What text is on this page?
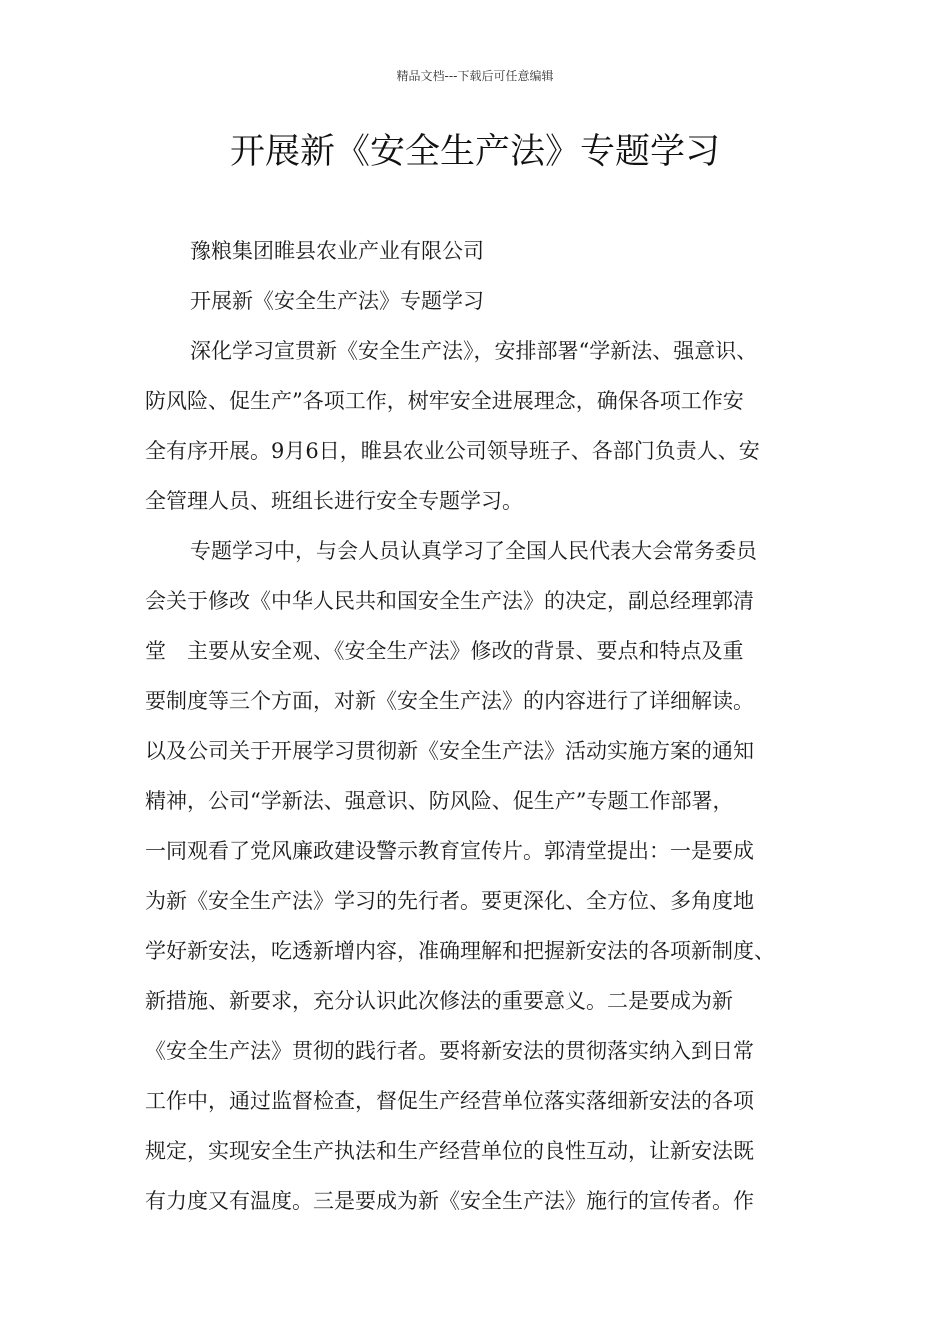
精品文档---下载后可任意编辑
开展新《安全生产法》专题学习
豫粮集团睢县农业产业有限公司
开展新《安全生产法》专题学习
深化学习宣贯新《安全生产法》，安排部署“学新法、强意识、
防风险、促生产”各项工作，树牢安全进展理念，确保各项工作安
全有序开展。9月6日，睢县农业公司领导班子、各部门负责人、安
全管理人员、班组长进行安全专题学习。
专题学习中，与会人员认真学习了全国人民代表大会常务委员
会关于修改《中华人民共和国安全生产法》的决定，副总经理郭清
堂　主要从安全观、《安全生产法》修改的背景、要点和特点及重
要制度等三个方面，对新《安全生产法》的内容进行了详细解读。
以及公司关于开展学习贯彻新《安全生产法》活动实施方案的通知
精神，公司“学新法、强意识、防风险、促生产”专题工作部署，
一同观看了党风廉政建设警示教育宣传片。郭清堂提出：一是要成
为新《安全生产法》学习的先行者。要更深化、全方位、多角度地
学好新安法，吃透新增内容，准确理解和把握新安法的各项新制度、
新措施、新要求，充分认识此次修法的重要意义。二是要成为新
《安全生产法》贯彻的践行者。要将新安法的贯彻落实纳入到日常
工作中，通过监督检查，督促生产经营单位落实落细新安法的各项
规定，实现安全生产执法和生产经营单位的良性互动，让新安法既
有力度又有温度。三是要成为新《安全生产法》施行的宣传者。作
